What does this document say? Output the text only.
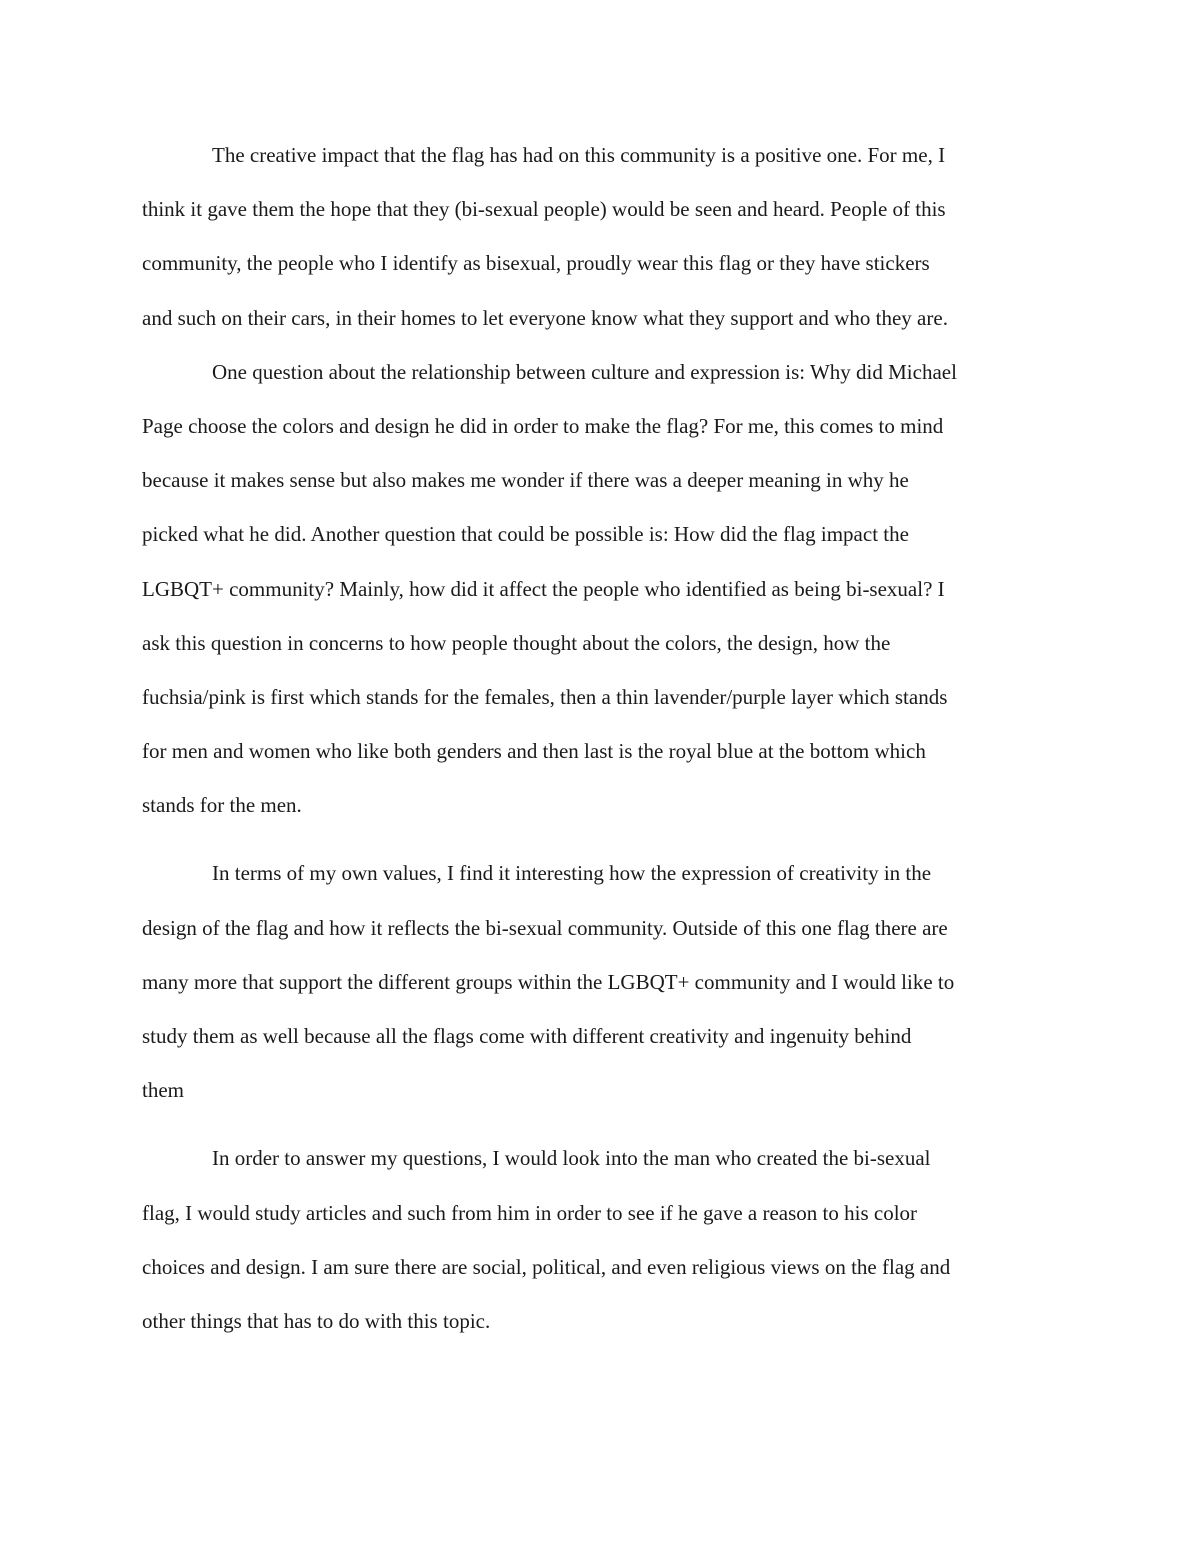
The creative impact that the flag has had on this community is a positive one. For me, I
think it gave them the hope that they (bi-sexual people) would be seen and heard. People of this
community, the people who I identify as bisexual, proudly wear this flag or they have stickers
and such on their cars, in their homes to let everyone know what they support and who they are.
One question about the relationship between culture and expression is: Why did Michael
Page choose the colors and design he did in order to make the flag? For me, this comes to mind
because it makes sense but also makes me wonder if there was a deeper meaning in why he
picked what he did. Another question that could be possible is: How did the flag impact the
LGBQT+ community? Mainly, how did it affect the people who identified as being bi-sexual? I
ask this question in concerns to how people thought about the colors, the design, how the
fuchsia/pink is first which stands for the females, then a thin lavender/purple layer which stands
for men and women who like both genders and then last is the royal blue at the bottom which
stands for the men.
In terms of my own values, I find it interesting how the expression of creativity in the
design of the flag and how it reflects the bi-sexual community. Outside of this one flag there are
many more that support the different groups within the LGBQT+ community and I would like to
study them as well because all the flags come with different creativity and ingenuity behind
them
In order to answer my questions, I would look into the man who created the bi-sexual
flag, I would study articles and such from him in order to see if he gave a reason to his color
choices and design. I am sure there are social, political, and even religious views on the flag and
other things that has to do with this topic.
